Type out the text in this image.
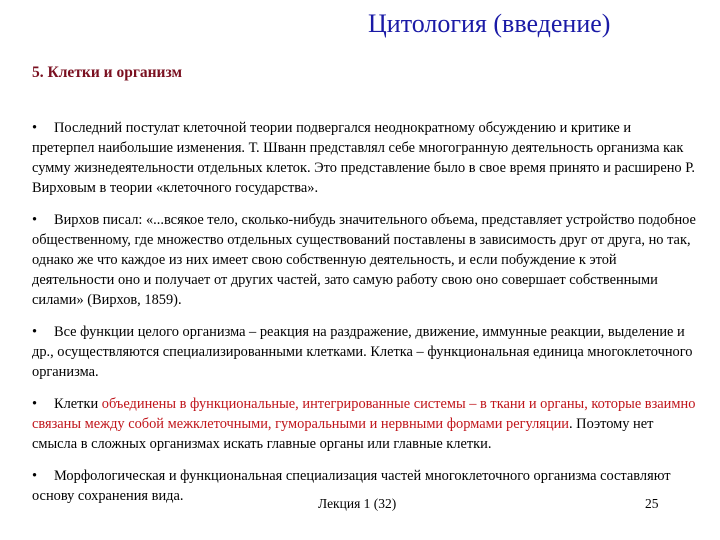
Цитология (введение)
5. Клетки и организм

• Последний постулат клеточной теории подвергался неоднократному обсуждению и критике и претерпел наибольшие изменения. Т. Шванн представлял себе многогранную деятельность организма как сумму жизнедеятельности отдельных клеток. Это представление было в свое время принято и расширено Р. Вирховым в теории «клеточного государства».

• Вирхов писал: «...всякое тело, сколько-нибудь значительного объема, представляет устройство подобное общественному, где множество отдельных существований поставлены в зависимость друг от друга, но так, однако же что каждое из них имеет свою собственную деятельность, и если побуждение к этой деятельности оно и получает от других частей, зато самую работу свою оно совершает собственными силами» (Вирхов, 1859).

• Все функции целого организма – реакция на раздражение, движение, иммунные реакции, выделение и др., осуществляются специализированными клетками. Клетка – функциональная единица многоклеточного организма.

• Клетки объединены в функциональные, интегрированные системы – в ткани и органы, которые взаимно связаны между собой межклеточными, гуморальными и нервными формами регуляции. Поэтому нет смысла в сложных организмах искать главные органы или главные клетки.

• Морфологическая и функциональная специализация частей многоклеточного организма составляют основу сохранения вида.	Лекция 1 (32)	25
